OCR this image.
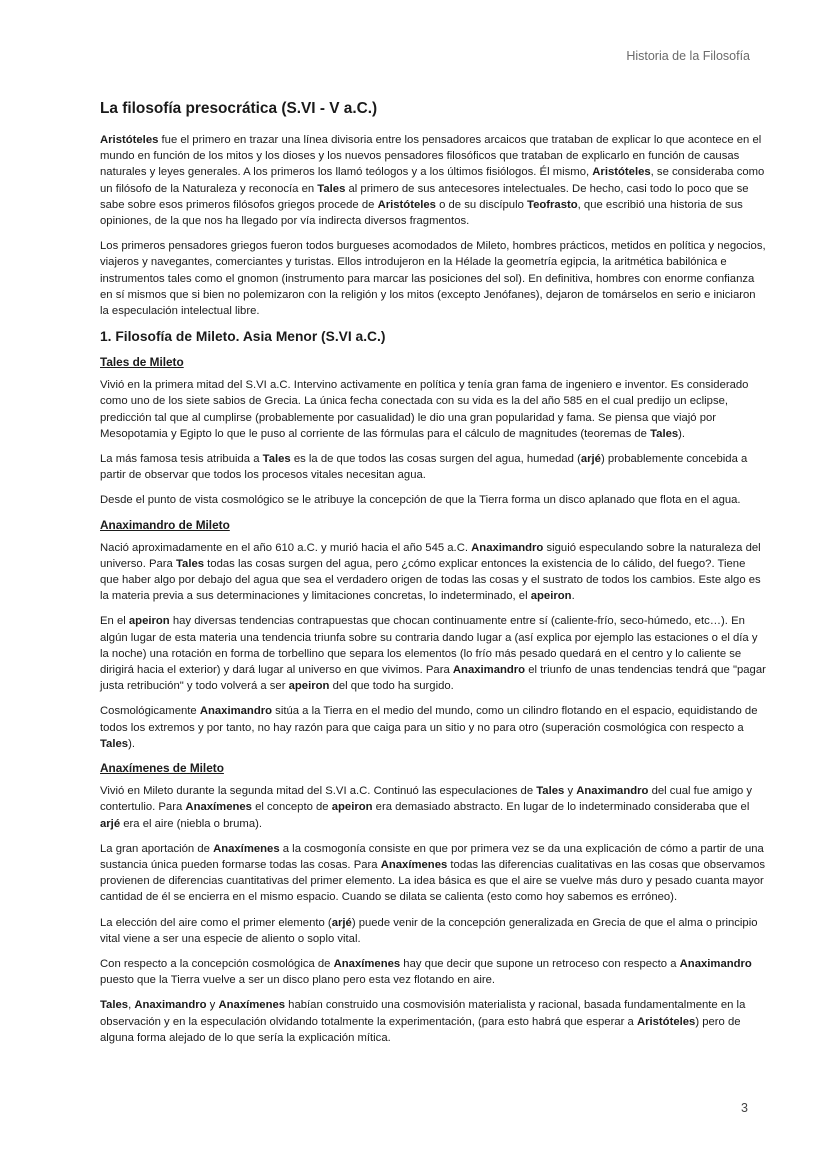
Historia de la Filosofía
La filosofía presocrática (S.VI - V a.C.)

Aristóteles fue el primero en trazar una línea divisoria entre los pensadores arcaicos que trataban de explicar lo que acontece en el mundo en función de los mitos y los dioses y los nuevos pensadores filosóficos que trataban de explicarlo en función de causas naturales y leyes generales. A los primeros los llamó teólogos y a los últimos fisiólogos. Él mismo, Aristóteles, se consideraba como un filósofo de la Naturaleza y reconocía en Tales al primero de sus antecesores intelectuales. De hecho, casi todo lo poco que se sabe sobre esos primeros filósofos griegos procede de Aristóteles o de su discípulo Teofrasto, que escribió una historia de sus opiniones, de la que nos ha llegado por vía indirecta diversos fragmentos.

Los primeros pensadores griegos fueron todos burgueses acomodados de Mileto, hombres prácticos, metidos en política y negocios, viajeros y navegantes, comerciantes y turistas. Ellos introdujeron en la Hélade la geometría egipcia, la aritmética babilónica e instrumentos tales como el gnomon (instrumento para marcar las posiciones del sol). En definitiva, hombres con enorme confianza en sí mismos que si bien no polemizaron con la religión y los mitos (excepto Jenófanes), dejaron de tomárselos en serio e iniciaron la especulación intelectual libre.

1. Filosofía de Mileto. Asia Menor (S.VI a.C.)
Tales de Mileto

Vivió en la primera mitad del S.VI a.C. Intervino activamente en política y tenía gran fama de ingeniero e inventor. Es considerado como uno de los siete sabios de Grecia. La única fecha conectada con su vida es la del año 585 en el cual predijo un eclipse, predicción tal que al cumplirse (probablemente por casualidad) le dio una gran popularidad y fama. Se piensa que viajó por Mesopotamia y Egipto lo que le puso al corriente de las fórmulas para el cálculo de magnitudes (teoremas de Tales).

La más famosa tesis atribuida a Tales es la de que todos las cosas surgen del agua, humedad (arjé) probablemente concebida a partir de observar que todos los procesos vitales necesitan agua.

Desde el punto de vista cosmológico se le atribuye la concepción de que la Tierra forma un disco aplanado que flota en el agua.

Anaximandro de Mileto

Nació aproximadamente en el año 610 a.C. y murió hacia el año 545 a.C. Anaximandro siguió especulando sobre la naturaleza del universo. Para Tales todas las cosas surgen del agua, pero ¿cómo explicar entonces la existencia de lo cálido, del fuego?. Tiene que haber algo por debajo del agua que sea el verdadero origen de todas las cosas y el sustrato de todos los cambios. Este algo es la materia previa a sus determinaciones y limitaciones concretas, lo indeterminado, el apeiron.

En el apeiron hay diversas tendencias contrapuestas que chocan continuamente entre sí (caliente-frío, seco-húmedo, etc…). En algún lugar de esta materia una tendencia triunfa sobre su contraria dando lugar a (así explica por ejemplo las estaciones o el día y la noche) una rotación en forma de torbellino que separa los elementos (lo frío más pesado quedará en el centro y lo caliente se dirigirá hacia el exterior) y dará lugar al universo en que vivimos. Para Anaximandro el triunfo de unas tendencias tendrá que "pagar justa retribución" y todo volverá a ser apeiron del que todo ha surgido.

Cosmológicamente Anaximandro sitúa a la Tierra en el medio del mundo, como un cilindro flotando en el espacio, equidistando de todos los extremos y por tanto, no hay razón para que caiga para un sitio y no para otro (superación cosmológica con respecto a Tales).

Anaxímenes de Mileto

Vivió en Mileto durante la segunda mitad del S.VI a.C. Continuó las especulaciones de Tales y Anaximandro del cual fue amigo y contertulio. Para Anaxímenes el concepto de apeiron era demasiado abstracto. En lugar de lo indeterminado consideraba que el arjé era el aire (niebla o bruma).

La gran aportación de Anaxímenes a la cosmogonía consiste en que por primera vez se da una explicación de cómo a partir de una sustancia única pueden formarse todas las cosas. Para Anaxímenes todas las diferencias cualitativas en las cosas que observamos provienen de diferencias cuantitativas del primer elemento. La idea básica es que el aire se vuelve más duro y pesado cuanta mayor cantidad de él se encierra en el mismo espacio. Cuando se dilata se calienta (esto como hoy sabemos es erróneo).

La elección del aire como el primer elemento (arjé) puede venir de la concepción generalizada en Grecia de que el alma o principio vital viene a ser una especie de aliento o soplo vital.

Con respecto a la concepción cosmológica de Anaxímenes hay que decir que supone un retroceso con respecto a Anaximandro puesto que la Tierra vuelve a ser un disco plano pero esta vez flotando en aire.

Tales, Anaximandro y Anaxímenes habían construido una cosmovisión materialista y racional, basada fundamentalmente en la observación y en la especulación olvidando totalmente la experimentación, (para esto habrá que esperar a Aristóteles) pero de alguna forma alejado de lo que sería la explicación mítica.

3
